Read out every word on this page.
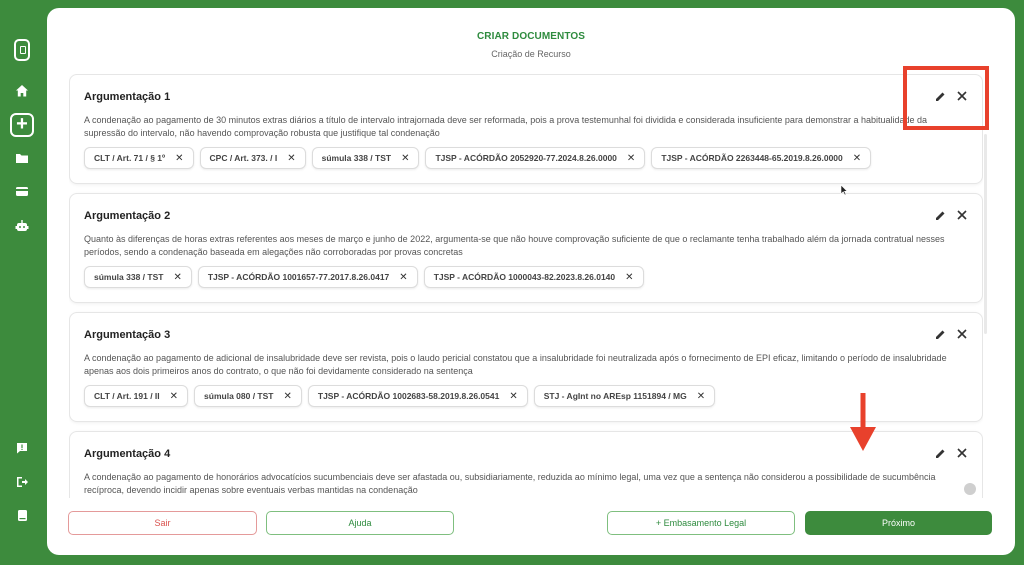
+
CRIAR DOCUMENTOS
Criação de Recurso
Argumentação 1
A condenação ao pagamento de 30 minutos extras diários a título de intervalo intrajornada deve ser reformada, pois a prova testemunhal foi dividida e considerada insuficiente para demonstrar a habitualidade da supressão do intervalo, não havendo comprovação robusta que justifique tal condenação
CLT / Art. 71 / § 1º ✕	CPC / Art. 373. / I ✕	súmula 338 / TST ✕	TJSP - ACÓRDÃO 2052920-77.2024.8.26.0000 ✕	TJSP - ACÓRDÃO 2263448-65.2019.8.26.0000 ✕
Argumentação 2
Quanto às diferenças de horas extras referentes aos meses de março e junho de 2022, argumenta-se que não houve comprovação suficiente de que o reclamante tenha trabalhado além da jornada contratual nesses períodos, sendo a condenação baseada em alegações não corroboradas por provas concretas
súmula 338 / TST ✕	TJSP - ACÓRDÃO 1001657-77.2017.8.26.0417 ✕	TJSP - ACÓRDÃO 1000043-82.2023.8.26.0140 ✕
Argumentação 3
A condenação ao pagamento de adicional de insalubridade deve ser revista, pois o laudo pericial constatou que a insalubridade foi neutralizada após o fornecimento de EPI eficaz, limitando o período de insalubridade apenas aos dois primeiros anos do contrato, o que não foi devidamente considerado na sentença
CLT / Art. 191 / II ✕	súmula 080 / TST ✕	TJSP - ACÓRDÃO 1002683-58.2019.8.26.0541 ✕	STJ - AgInt no AREsp 1151894 / MG ✕
Argumentação 4
A condenação ao pagamento de honorários advocatícios sucumbenciais deve ser afastada ou, subsidiariamente, reduzida ao mínimo legal, uma vez que a sentença não considerou a possibilidade de sucumbência recíproca, devendo incidir apenas sobre eventuais verbas mantidas na condenação
Sair	Ajuda	+ Embasamento Legal	Próximo
